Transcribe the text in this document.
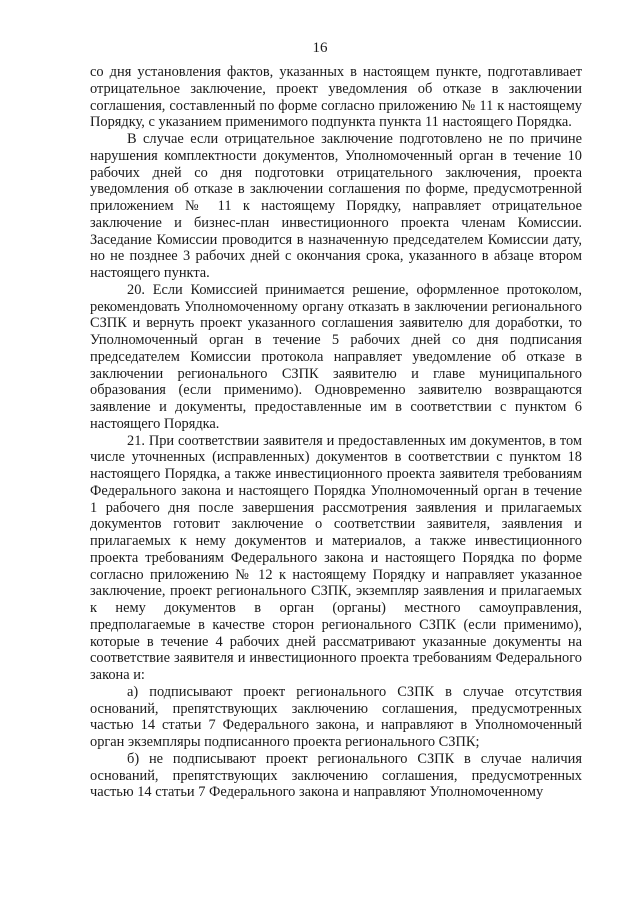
16

со дня установления фактов, указанных в настоящем пункте, подготавливает отрицательное заключение, проект уведомления об отказе в заключении соглашения, составленный по форме согласно приложению № 11 к настоящему Порядку, с указанием применимого подпункта пункта 11 настоящего Порядка.

В случае если отрицательное заключение подготовлено не по причине нарушения комплектности документов, Уполномоченный орган в течение 10 рабочих дней со дня подготовки отрицательного заключения, проекта уведомления об отказе в заключении соглашения по форме, предусмотренной приложением № 11 к настоящему Порядку, направляет отрицательное заключение и бизнес-план инвестиционного проекта членам Комиссии. Заседание Комиссии проводится в назначенную председателем Комиссии дату, но не позднее 3 рабочих дней с окончания срока, указанного в абзаце втором настоящего пункта.

20. Если Комиссией принимается решение, оформленное протоколом, рекомендовать Уполномоченному органу отказать в заключении регионального СЗПК и вернуть проект указанного соглашения заявителю для доработки, то Уполномоченный орган в течение 5 рабочих дней со дня подписания председателем Комиссии протокола направляет уведомление об отказе в заключении регионального СЗПК заявителю и главе муниципального образования (если применимо). Одновременно заявителю возвращаются заявление и документы, предоставленные им в соответствии с пунктом 6 настоящего Порядка.

21. При соответствии заявителя и предоставленных им документов, в том числе уточненных (исправленных) документов в соответствии с пунктом 18 настоящего Порядка, а также инвестиционного проекта заявителя требованиям Федерального закона и настоящего Порядка Уполномоченный орган в течение 1 рабочего дня после завершения рассмотрения заявления и прилагаемых документов готовит заключение о соответствии заявителя, заявления и прилагаемых к нему документов и материалов, а также инвестиционного проекта требованиям Федерального закона и настоящего Порядка по форме согласно приложению № 12 к настоящему Порядку и направляет указанное заключение, проект регионального СЗПК, экземпляр заявления и прилагаемых к нему документов в орган (органы) местного самоуправления, предполагаемые в качестве сторон регионального СЗПК (если применимо), которые в течение 4 рабочих дней рассматривают указанные документы на соответствие заявителя и инвестиционного проекта требованиям Федерального закона и:

а) подписывают проект регионального СЗПК в случае отсутствия оснований, препятствующих заключению соглашения, предусмотренных частью 14 статьи 7 Федерального закона, и направляют в Уполномоченный орган экземпляры подписанного проекта регионального СЗПК;

б) не подписывают проект регионального СЗПК в случае наличия оснований, препятствующих заключению соглашения, предусмотренных частью 14 статьи 7 Федерального закона и направляют Уполномоченному
